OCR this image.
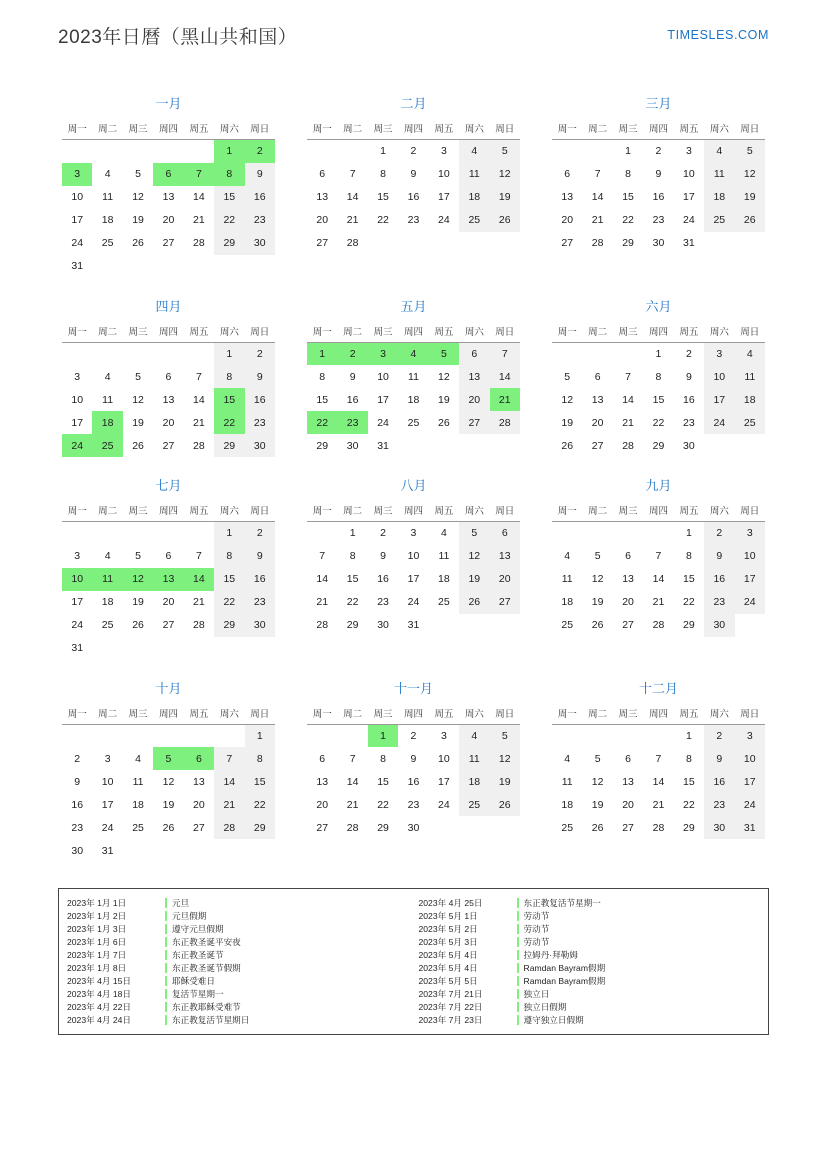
2023年日曆（黑山共和国）	TIMESLES.COM
一月
周一	周二	周三	周四	周五	周六	周日
					1	2
3	4	5	6	7	8	9
10	11	12	13	14	15	16
17	18	19	20	21	22	23
24	25	26	27	28	29	30
31						
二月
周一	周二	周三	周四	周五	周六	周日
		1	2	3	4	5
6	7	8	9	10	11	12
13	14	15	16	17	18	19
20	21	22	23	24	25	26
27	28					
三月
周一	周二	周三	周四	周五	周六	周日
		1	2	3	4	5
6	7	8	9	10	11	12
13	14	15	16	17	18	19
20	21	22	23	24	25	26
27	28	29	30	31		
四月
周一	周二	周三	周四	周五	周六	周日
					1	2
3	4	5	6	7	8	9
10	11	12	13	14	15	16
17	18	19	20	21	22	23
24	25	26	27	28	29	30
五月
周一	周二	周三	周四	周五	周六	周日
1	2	3	4	5	6	7
8	9	10	11	12	13	14
15	16	17	18	19	20	21
22	23	24	25	26	27	28
29	30	31				
六月
周一	周二	周三	周四	周五	周六	周日
			1	2	3	4
5	6	7	8	9	10	11
12	13	14	15	16	17	18
19	20	21	22	23	24	25
26	27	28	29	30		
七月
周一	周二	周三	周四	周五	周六	周日
					1	2
3	4	5	6	7	8	9
10	11	12	13	14	15	16
17	18	19	20	21	22	23
24	25	26	27	28	29	30
31						
八月
周一	周二	周三	周四	周五	周六	周日
	1	2	3	4	5	6
7	8	9	10	11	12	13
14	15	16	17	18	19	20
21	22	23	24	25	26	27
28	29	30	31			
九月
周一	周二	周三	周四	周五	周六	周日
				1	2	3
4	5	6	7	8	9	10
11	12	13	14	15	16	17
18	19	20	21	22	23	24
25	26	27	28	29	30	
十月
周一	周二	周三	周四	周五	周六	周日
						1
2	3	4	5	6	7	8
9	10	11	12	13	14	15
16	17	18	19	20	21	22
23	24	25	26	27	28	29
30	31					
十一月
周一	周二	周三	周四	周五	周六	周日
		1	2	3	4	5
6	7	8	9	10	11	12
13	14	15	16	17	18	19
20	21	22	23	24	25	26
27	28	29	30			
十二月
周一	周二	周三	周四	周五	周六	周日
				1	2	3
4	5	6	7	8	9	10
11	12	13	14	15	16	17
18	19	20	21	22	23	24
25	26	27	28	29	30	31
2023年 1月 1日	元旦
2023年 1月 2日	元旦假期
2023年 1月 3日	遵守元旦假期
2023年 1月 6日	东正教圣诞平安夜
2023年 1月 7日	东正教圣诞节
2023年 1月 8日	东正教圣诞节假期
2023年 4月 15日	耶稣受难日
2023年 4月 18日	复活节星期一
2023年 4月 22日	东正教耶稣受难节
2023年 4月 24日	东正教复活节星期日
2023年 4月 25日	东正教复活节星期一
2023年 5月 1日	劳动节
2023年 5月 2日	劳动节
2023年 5月 3日	劳动节
2023年 5月 4日	拉姆丹·拜勒姆
2023年 5月 4日	Ramdan Bayram假期
2023年 5月 5日	Ramdan Bayram假期
2023年 7月 21日	独立日
2023年 7月 22日	独立日假期
2023年 7月 23日	遵守独立日假期
